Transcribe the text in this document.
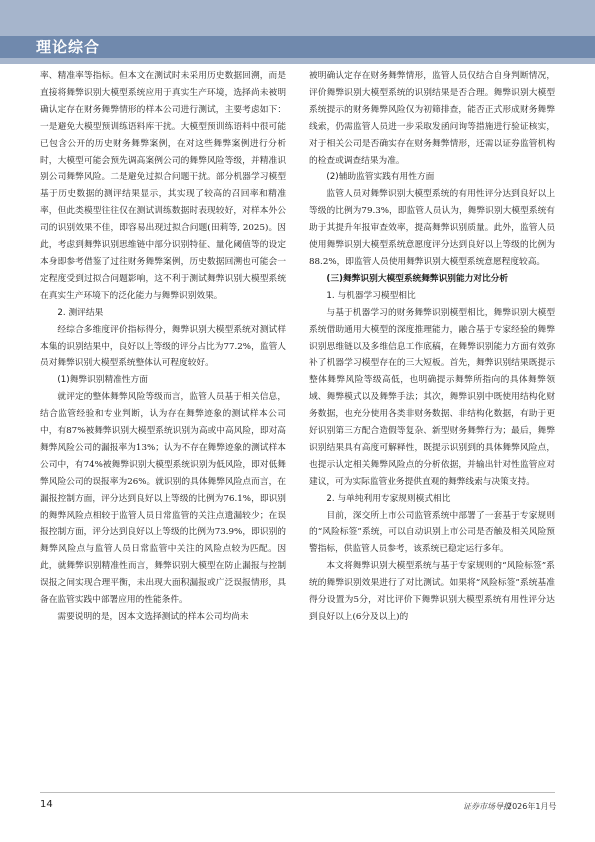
理论综合

率、精准率等指标。但本文在测试时未采用历史数据回溯，而是直接将舞弊识别大模型系统应用于真实生产环境，选择尚未被明确认定存在财务舞弊情形的样本公司进行测试，主要考虑如下：一是避免大模型预训练语料库干扰。大模型预训练语料中很可能已包含公开的历史财务舞弊案例，在对这些舞弊案例进行分析时，大模型可能会预先调高案例公司的舞弊风险等级，并精准识别公司舞弊风险。二是避免过拟合问题干扰。部分机器学习模型基于历史数据的测评结果显示，其实现了较高的召回率和精准率，但此类模型往往仅在测试训练数据时表现较好，对样本外公司的识别效果不佳，即容易出现过拟合问题(田莉等, 2025)。因此，考虑到舞弊识别思维链中部分识别特征、量化阈值等的设定本身即参考借鉴了过往财务舞弊案例，历史数据回溯也可能会一定程度受到过拟合问题影响，这不利于测试舞弊识别大模型系统在真实生产环境下的泛化能力与舞弊识别效果。

2. 测评结果

经综合多维度评价指标得分，舞弊识别大模型系统对测试样本集的识别结果中，良好以上等级的评分占比为77.2%，监管人员对舞弊识别大模型系统整体认可程度较好。

(1)舞弊识别精准性方面

就评定的整体舞弊风险等级而言，监管人员基于相关信息，结合监管经验和专业判断，认为存在舞弊迹象的测试样本公司中，有87%被舞弊识别大模型系统识别为高或中高风险，即对高舞弊风险公司的漏报率为13%；认为不存在舞弊迹象的测试样本公司中，有74%被舞弊识别大模型系统识别为低风险，即对低舞弊风险公司的误报率为26%。就识别的具体舞弊风险点而言，在漏报控制方面，评分达到良好以上等级的比例为76.1%，即识别的舞弊风险点相较于监管人员日常监管的关注点遗漏较少；在误报控制方面，评分达到良好以上等级的比例为73.9%，即识别的舞弊风险点与监管人员日常监管中关注的风险点较为匹配。因此，就舞弊识别精准性而言，舞弊识别大模型在防止漏报与控制误报之间实现合理平衡，未出现大面积漏报或广泛误报情形，具备在监管实践中部署应用的性能条件。

需要说明的是，因本文选择测试的样本公司均尚未

被明确认定存在财务舞弊情形，监管人员仅结合自身判断情况，评价舞弊识别大模型系统的识别结果是否合理。舞弊识别大模型系统提示的财务舞弊风险仅为初筛排查，能否正式形成财务舞弊线索，仍需监管人员进一步采取发函问询等措施进行验证核实，对于相关公司是否确实存在财务舞弊情形，还需以证券监管机构的检查或调查结果为准。

(2)辅助监管实践有用性方面

监管人员对舞弊识别大模型系统的有用性评分达到良好以上等级的比例为79.3%，即监管人员认为，舞弊识别大模型系统有助于其提升年报审查效率，提高舞弊识别质量。此外，监管人员使用舞弊识别大模型系统意愿度评分达到良好以上等级的比例为88.2%，即监管人员使用舞弊识别大模型系统意愿程度较高。

(三)舞弊识别大模型系统舞弊识别能力对比分析
1. 与机器学习模型相比

与基于机器学习的财务舞弊识别模型相比，舞弊识别大模型系统借助通用大模型的深度推理能力，融合基于专家经验的舞弊识别思维链以及多维信息工作底稿，在舞弊识别能力方面有效弥补了机器学习模型存在的三大短板。首先，舞弊识别结果既提示整体舞弊风险等级高低，也明确提示舞弊所指向的具体舞弊领域、舞弊模式以及舞弊手法；其次，舞弊识别中既使用结构化财务数据，也充分使用各类非财务数据、非结构化数据，有助于更好识别第三方配合造假等复杂、新型财务舞弊行为；最后，舞弊识别结果具有高度可解释性，既提示识别到的具体舞弊风险点，也提示认定相关舞弊风险点的分析依据，并输出针对性监管应对建议，可为实际监管业务提供直观的舞弊线索与决策支持。

2. 与单纯利用专家规则模式相比

目前，深交所上市公司监管系统中部署了一套基于专家规则的“风险标签”系统，可以自动识别上市公司是否触及相关风险预警指标，供监管人员参考，该系统已稳定运行多年。

本文将舞弊识别大模型系统与基于专家规则的“风险标签”系统的舞弊识别效果进行了对比测试。如果将“风险标签”系统基准得分设置为5分，对比评价下舞弊识别大模型系统有用性评分达到良好以上(6分及以上)的

14	证券市场导报
2026年1月号
